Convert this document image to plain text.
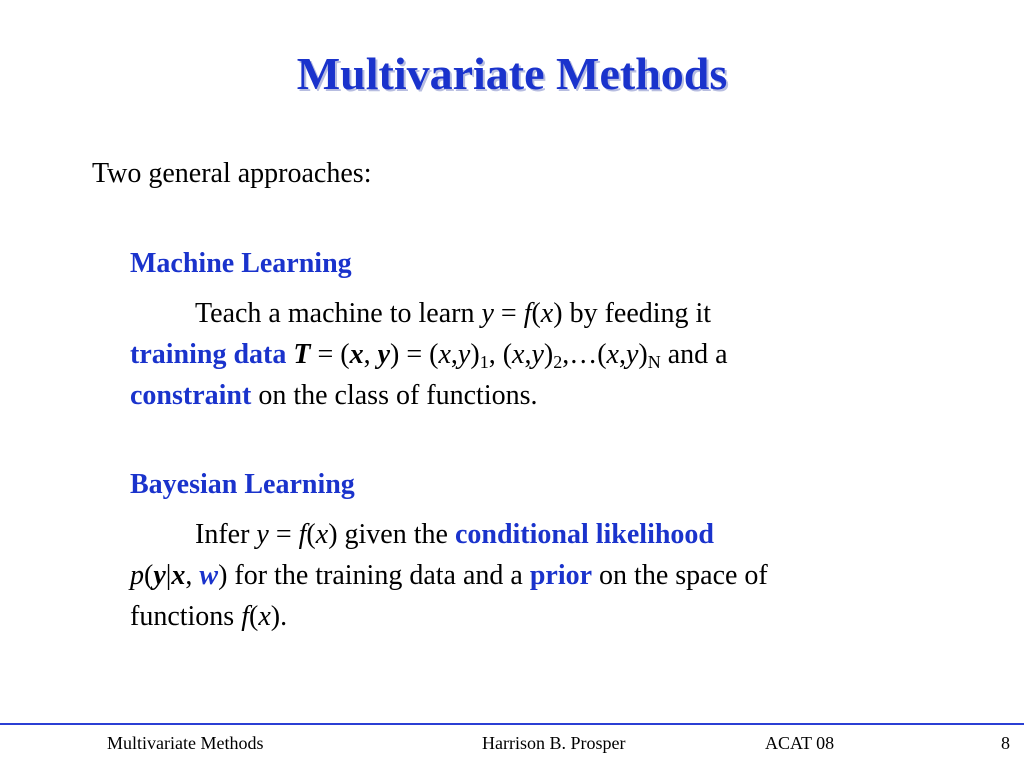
Multivariate Methods
Two general approaches:
Machine Learning
Teach a machine to learn y = f(x) by feeding it
training data T = (x, $y) = (x,y)_1$, $(x,y)_2,\dots(x,y)_N$ and a
constraint on the class of functions.
Bayesian Learning
Infer y = f(x) given the conditional likelihood
p(y|x, w) for the training data and a prior on the space of
functions f(x).
Multivariate Methods	Harrison B. Prosper	ACAT 08	8
